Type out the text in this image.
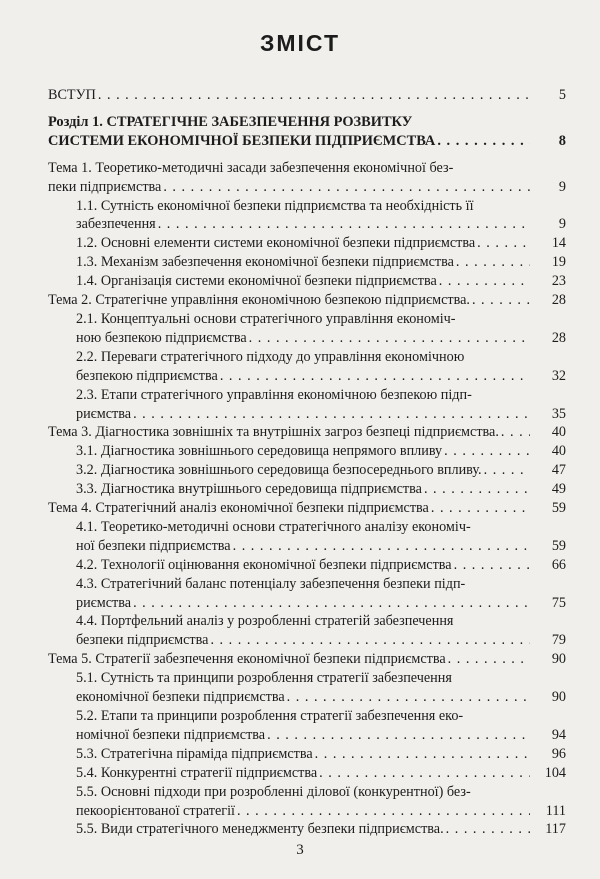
ЗМІСТ
ВСТУП . . .	5
Розділ 1. СТРАТЕГІЧНЕ ЗАБЕЗПЕЧЕННЯ РОЗВИТКУ
СИСТЕМИ ЕКОНОМІЧНОЇ БЕЗПЕКИ ПІДПРИЄМСТВА . . .	8
Тема 1. Теоретико-методичні засади забезпечення економічної без-
пеки підприємства . . .	9
1.1. Сутність економічної безпеки підприємства та необхідність її
забезпечення . . .	9
1.2. Основні елементи системи економічної безпеки підприємства . . .	14
1.3. Механізм забезпечення економічної безпеки підприємства . . .	19
1.4. Організація системи економічної безпеки підприємства . . .	23
Тема 2. Стратегічне управління економічною безпекою підприємства. . . .	28
2.1. Концептуальні основи стратегічного управління економіч-
ною безпекою підприємства . . .	28
2.2. Переваги стратегічного підходу до управління економічною
безпекою підприємства . . .	32
2.3. Етапи стратегічного управління економічною безпекою підп-
риємства . . .	35
Тема 3. Діагностика зовнішніх та внутрішніх загроз безпеці підприємства. . . .	40
3.1. Діагностика зовнішнього середовища непрямого впливу . . .	40
3.2. Діагностика зовнішнього середовища безпосереднього впливу. . . .	47
3.3. Діагностика внутрішнього середовища підприємства . . .	49
Тема 4. Стратегічний аналіз економічної безпеки підприємства . . .	59
4.1. Теоретико-методичні основи стратегічного аналізу економіч-
ної безпеки підприємства . . .	59
4.2. Технології оцінювання економічної безпеки підприємства . . .	66
4.3. Стратегічний баланс потенціалу забезпечення безпеки підп-
риємства . . .	75
4.4. Портфельний аналіз у розробленні стратегій забезпечення
безпеки підприємства . . .	79
Тема 5. Стратегії забезпечення економічної безпеки підприємства . . .	90
5.1. Сутність та принципи розроблення стратегії забезпечення
економічної безпеки підприємства . . .	90
5.2. Етапи та принципи розроблення стратегії забезпечення еко-
номічної безпеки підприємства . . .	94
5.3. Стратегічна піраміда підприємства . . .	96
5.4. Конкурентні стратегії підприємства . . .	104
5.5. Основні підходи при розробленні ділової (конкурентної) без-
пекоорієнтованої стратегії . . .	111
5.5. Види стратегічного менеджменту безпеки підприємства. . . .	117
3
